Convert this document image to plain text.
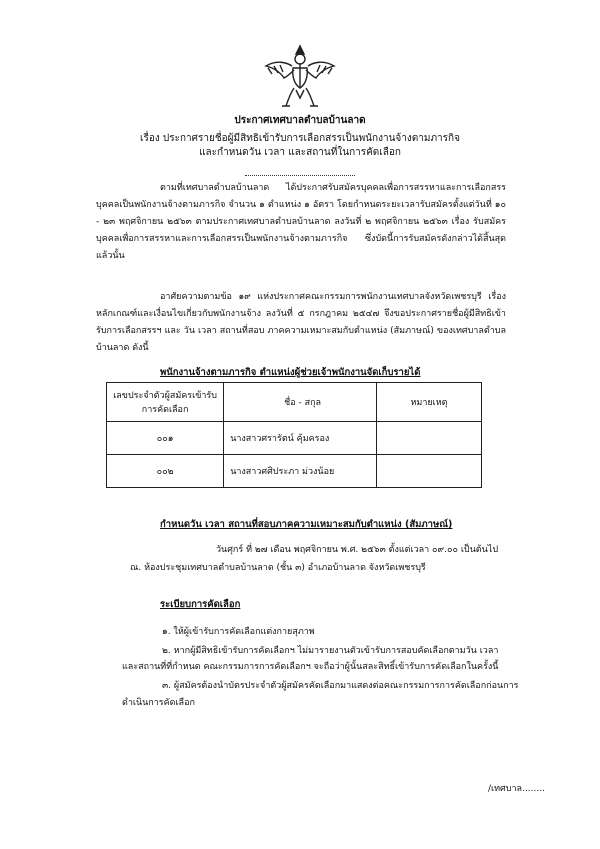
ประกาศเทศบาลตำบลบ้านลาด
เรื่อง ประกาศรายชื่อผู้มีสิทธิเข้ารับการเลือกสรรเป็นพนักงานจ้างตามภารกิจ
และกำหนดวัน เวลา และสถานที่ในการคัดเลือก
ตามที่เทศบาลตำบลบ้านลาด ได้ประกาศรับสมัครบุคคลเพื่อการสรรหาและการเลือกสรรบุคคลเป็นพนักงานจ้างตามภารกิจ จำนวน ๑ ตำแหน่ง ๑ อัตรา โดยกำหนดระยะเวลารับสมัครตั้งแต่วันที่ ๑๐ - ๒๓ พฤศจิกายน ๒๕๖๓ ตามประกาศเทศบาลตำบลบ้านลาด ลงวันที่ ๒ พฤศจิกายน ๒๕๖๓ เรื่อง รับสมัครบุคคลเพื่อการสรรหาและการเลือกสรรเป็นพนักงานจ้างตามภารกิจ ซึ่งบัดนี้การรับสมัครดังกล่าวได้สิ้นสุดแล้วนั้น
อาศัยความตามข้อ ๑๙ แห่งประกาศคณะกรรมการพนักงานเทศบาลจังหวัดเพชรบุรี เรื่อง หลักเกณฑ์และเงื่อนไขเกี่ยวกับพนักงานจ้าง ลงวันที่ ๕ กรกฎาคม ๒๕๔๗ จึงขอประกาศรายชื่อผู้มีสิทธิเข้ารับการเลือกสรรฯ และ วัน เวลา สถานที่สอบ ภาคความเหมาะสมกับตำแหน่ง (สัมภาษณ์) ของเทศบาลตำบลบ้านลาด ดังนี้
พนักงานจ้างตามภารกิจ ตำแหน่งผู้ช่วยเจ้าพนักงานจัดเก็บรายได้
เลขประจำตัวผู้สมัครเข้ารับการคัดเลือก	ชื่อ - สกุล	หมายเหตุ
๐๐๑	นางสาวศรารัตน์ คุ้มครอง	
๐๐๒	นางสาวศศิประภา ม่วงน้อย	
กำหนดวัน เวลา สถานที่สอบภาคความเหมาะสมกับตำแหน่ง (สัมภาษณ์)
วันศุกร์ ที่ ๒๗ เดือน พฤศจิกายน พ.ศ. ๒๕๖๓ ตั้งแต่เวลา ๐๙.๐๐ เป็นต้นไป
ณ. ห้องประชุมเทศบาลตำบลบ้านลาด (ชั้น ๓) อำเภอบ้านลาด จังหวัดเพชรบุรี
ระเบียบการคัดเลือก
๑. ให้ผู้เข้ารับการคัดเลือกแต่งกายสุภาพ
๒. หากผู้มีสิทธิเข้ารับการคัดเลือกฯ ไม่มารายงานตัวเข้ารับการสอบคัดเลือกตามวัน เวลา
และสถานที่ที่กำหนด คณะกรรมการการคัดเลือกฯ จะถือว่าผู้นั้นสละสิทธิ์เข้ารับการคัดเลือกในครั้งนี้
๓. ผู้สมัครต้องนำบัตรประจำตัวผู้สมัครคัดเลือกมาแสดงต่อคณะกรรมการการคัดเลือกก่อนการ
ดำเนินการคัดเลือก
/เทศบาล........
